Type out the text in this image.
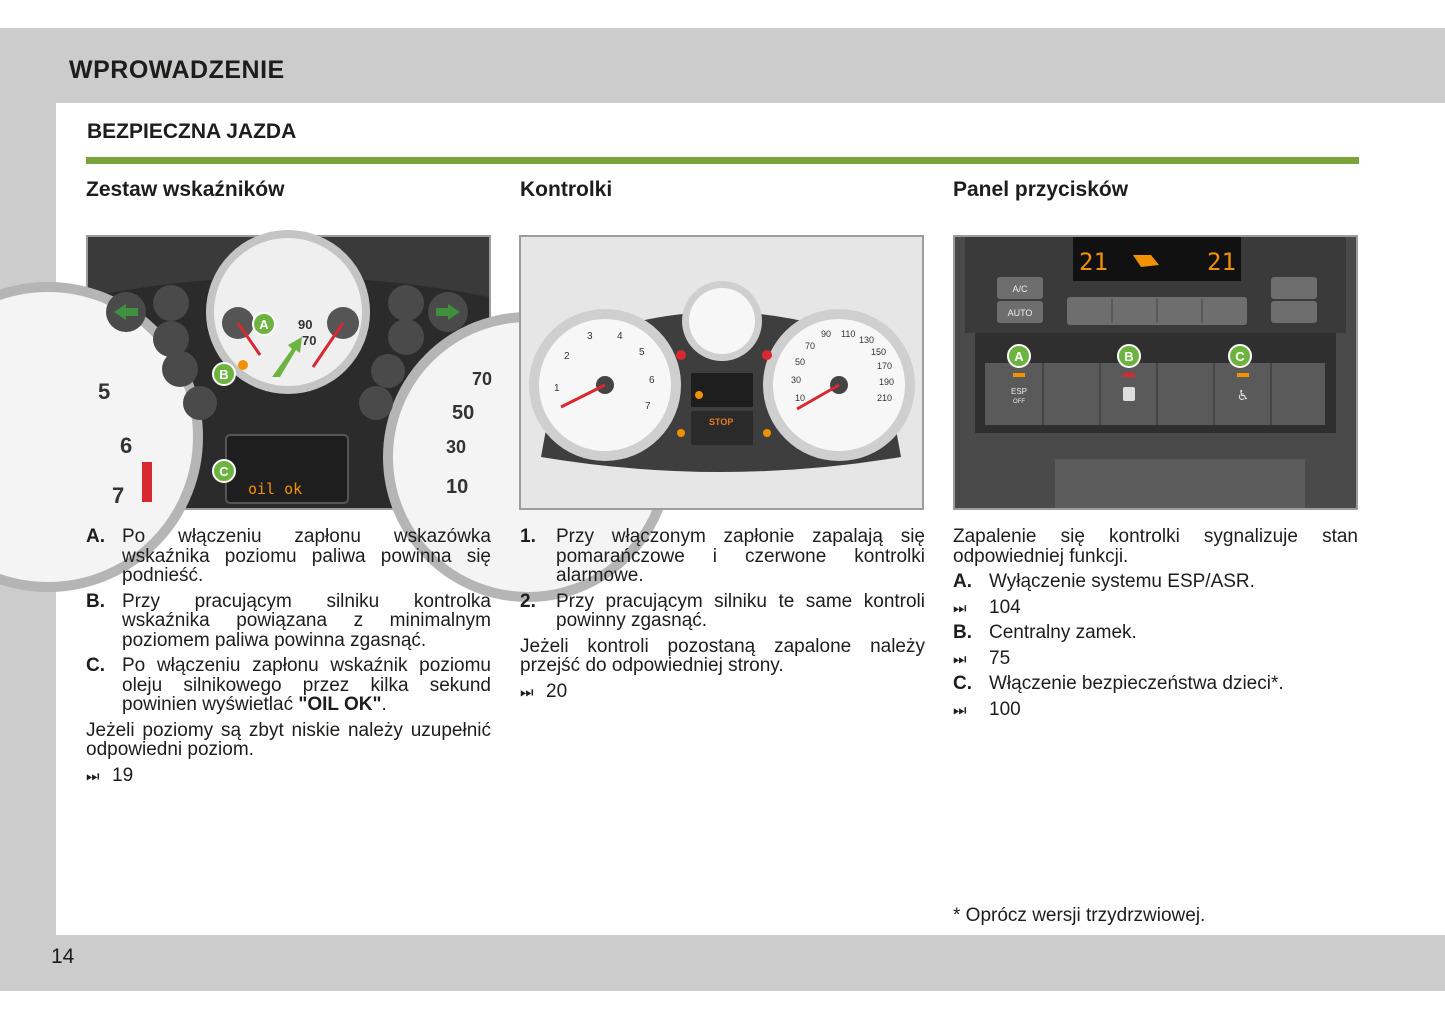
WPROWADZENIE
BEZPIECZNA JAZDA
Zestaw wskaźników	Kontrolki	Panel przycisków
5
6
7
70
50
30
10
90
70
oil ok
A
B
C
1
2
3 4
5
6
7
10
30
50
70
90 110
130
150
170
190
210
STOP
21	21
A/C
AUTO
ESP
OFF	♿
A	B	C
A. Po włączeniu zapłonu wskazówka wskaźnika poziomu paliwa powinna się podnieść.
B. Przy pracującym silniku kontrolka wskaźnika powiązana z minimalnym poziomem paliwa powinna zgasnąć.
C. Po włączeniu zapłonu wskaźnik poziomu oleju silnikowego przez kilka sekund powinien wyświetlać "OIL OK".

Jeżeli poziomy są zbyt niskie należy uzupełnić odpowiedni poziom.

⏭ 19

1. Przy włączonym zapłonie zapalają się pomarańczowe i czerwone kontrolki alarmowe.
2. Przy pracującym silniku te same kontroli powinny zgasnąć.

Jeżeli kontroli pozostaną zapalone należy przejść do odpowiedniej strony.

⏭ 20

Zapalenie się kontrolki sygnalizuje stan odpowiedniej funkcji.

A. Wyłączenie systemu ESP/ASR.
⏭ 104
B. Centralny zamek.
⏭ 75
C. Włączenie bezpieczeństwa dzieci*.
⏭ 100
* Oprócz wersji trzydrzwiowej.
14
